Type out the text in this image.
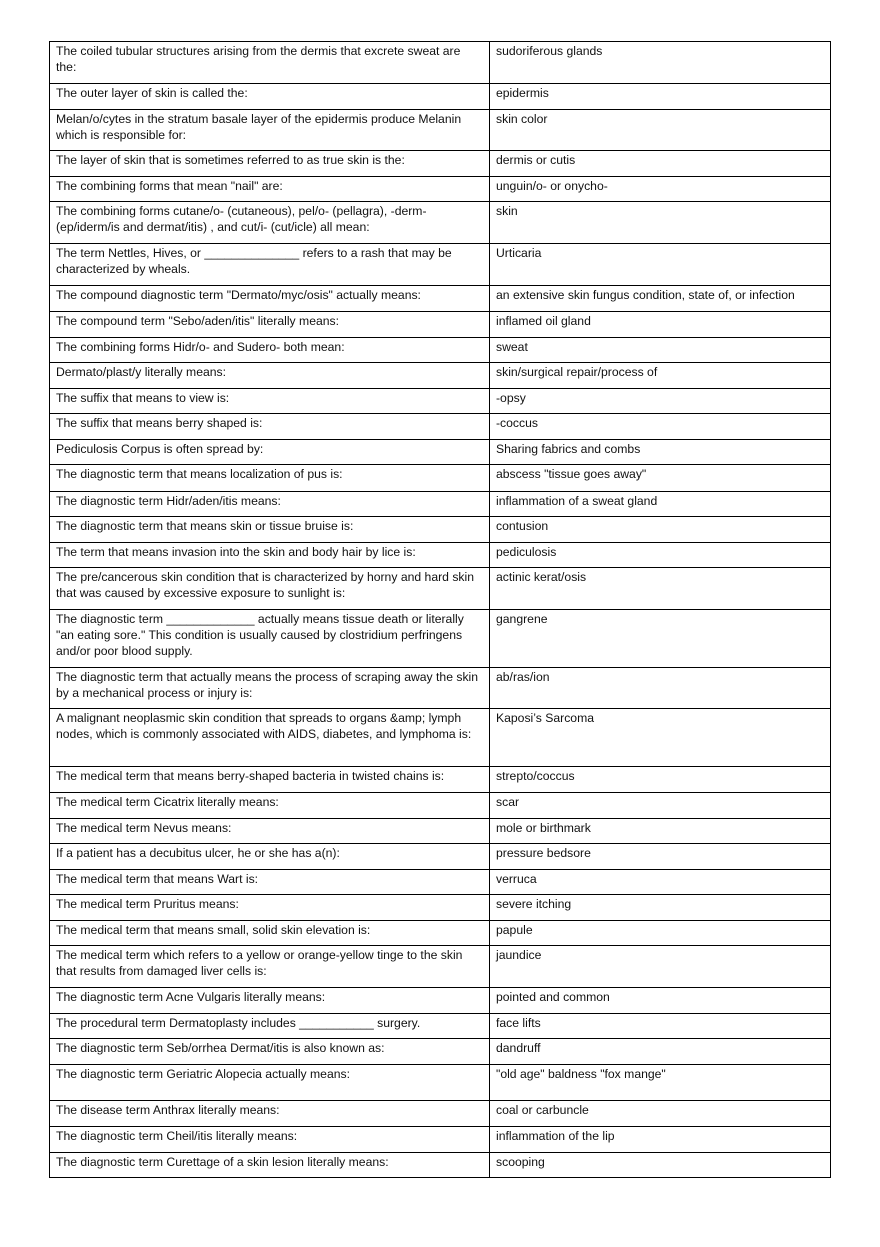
The coiled tubular structures arising from the dermis that excrete sweat are the:	sudoriferous glands
The outer layer of skin is called the:	epidermis
Melan/o/cytes in the stratum basale layer of the epidermis produce Melanin which is responsible for:	skin color
The layer of skin that is sometimes referred to as true skin is the:	dermis or cutis
The combining forms that mean "nail" are:	unguin/o- or onycho-
The combining forms cutane/o- (cutaneous), pel/o- (pellagra), -derm- (ep/iderm/is and dermat/itis) , and cut/i- (cut/icle) all mean:	skin
The term Nettles, Hives, or ______________ refers to a rash that may be characterized by wheals.	Urticaria
The compound diagnostic term "Dermato/myc/osis" actually means:	an extensive skin fungus condition, state of, or infection
The compound term "Sebo/aden/itis" literally means:	inflamed oil gland
The combining forms Hidr/o- and Sudero- both mean:	sweat
Dermato/plast/y literally means:	skin/surgical repair/process of
The suffix that means to view is:	-opsy
The suffix that means berry shaped is:	-coccus
Pediculosis Corpus is often spread by:	Sharing fabrics and combs
The diagnostic term that means localization of pus is:	abscess "tissue goes away"
The diagnostic term Hidr/aden/itis means:	inflammation of a sweat gland
The diagnostic term that means skin or tissue bruise is:	contusion
The term that means invasion into the skin and body hair by lice is:	pediculosis
The pre/cancerous skin condition that is characterized by horny and hard skin that was caused by excessive exposure to sunlight is:	actinic kerat/osis
The diagnostic term _____________ actually means tissue death or literally "an eating sore." This condition is usually caused by clostridium perfringens and/or poor blood supply.	gangrene
The diagnostic term that actually means the process of scraping away the skin by a mechanical process or injury is:	ab/ras/ion
A malignant neoplasmic skin condition that spreads to organs &amp; lymph nodes, which is commonly associated with AIDS, diabetes, and lymphoma is:	Kaposi’s Sarcoma
The medical term that means berry-shaped bacteria in twisted chains is:	strepto/coccus
The medical term Cicatrix literally means:	scar
The medical term Nevus means:	mole or birthmark
If a patient has a decubitus ulcer, he or she has a(n):	pressure bedsore
The medical term that means Wart is:	verruca
The medical term Pruritus means:	severe itching
The medical term that means small, solid skin elevation is:	papule
The medical term which refers to a yellow or orange-yellow tinge to the skin that results from damaged liver cells is:	jaundice
The diagnostic term Acne Vulgaris literally means:	pointed and common
The procedural term Dermatoplasty includes ___________ surgery.	face lifts
The diagnostic term Seb/orrhea Dermat/itis is also known as:	dandruff
The diagnostic term Geriatric Alopecia actually means:	"old age" baldness "fox mange"
The disease term Anthrax literally means:	coal or carbuncle
The diagnostic term Cheil/itis literally means:	inflammation of the lip
The diagnostic term Curettage of a skin lesion literally means:	scooping
